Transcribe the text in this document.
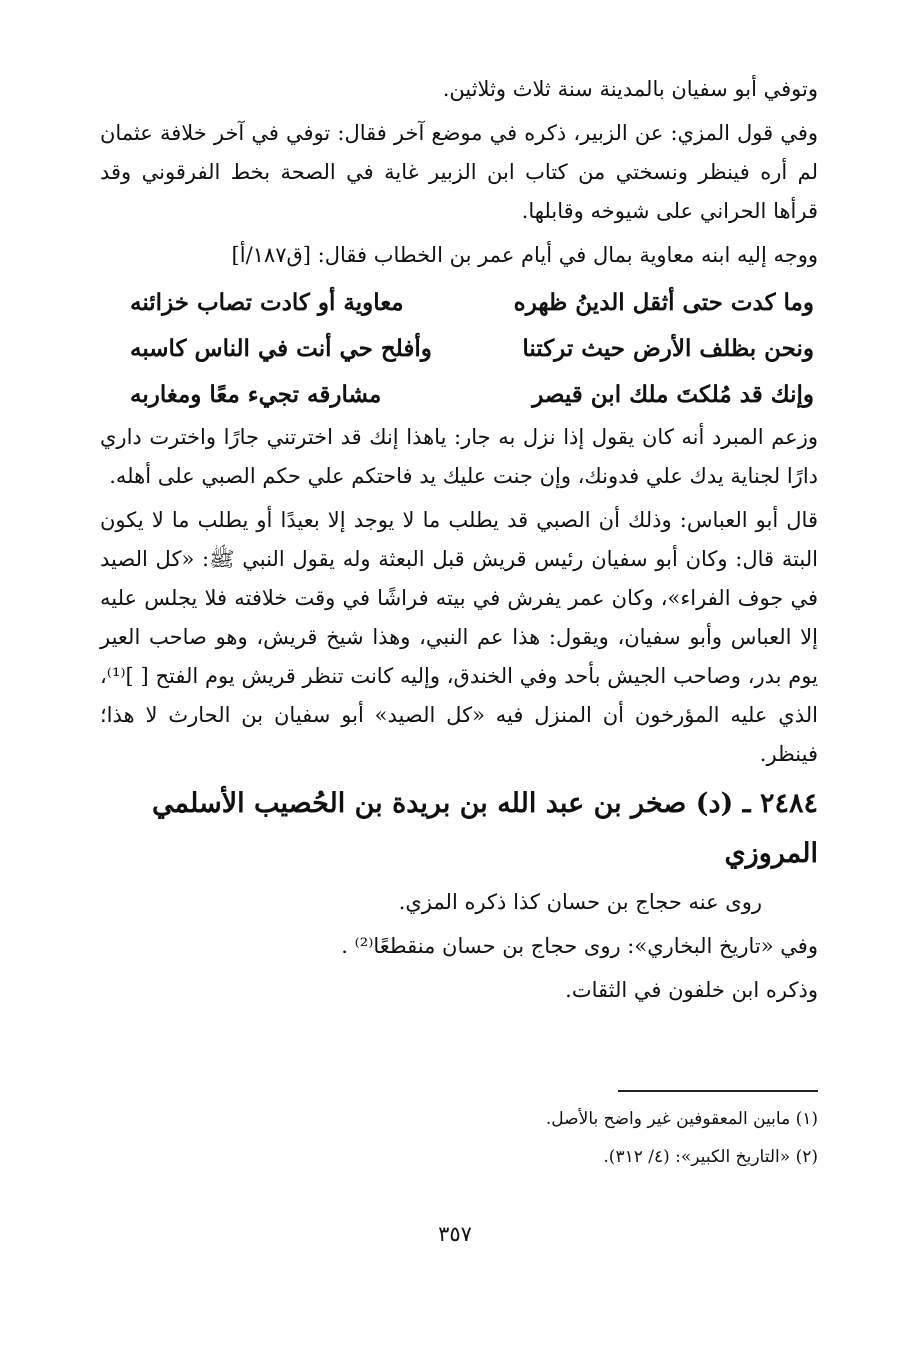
وتوفي أبو سفيان بالمدينة سنة ثلاث وثلاثين.

وفي قول المزي: عن الزبير، ذكره في موضع آخر فقال: توفي في آخر خلافة عثمان لم أره فينظر ونسختي من كتاب ابن الزبير غاية في الصحة بخط الفرقوني وقد قرأها الحراني على شيوخه وقابلها.

ووجه إليه ابنه معاوية بمال في أيام عمر بن الخطاب فقال: [ق١٨٧/أ]

وما كدت حتى أثقل الدينُ ظهره
معاوية أو كادت تصاب خزائنه
ونحن بظلف الأرض حيث تركتنا
وأفلح حي أنت في الناس كاسبه
وإنك قد مُلكتَ ملك ابن قيصر
مشارقه تجيء معًا ومغاربه

وزعم المبرد أنه كان يقول إذا نزل به جار: ياهذا إنك قد اخترتني جارًا واخترت داري دارًا لجناية يدك علي فدونك، وإن جنت عليك يد فاحتكم علي حكم الصبي على أهله.

قال أبو العباس: وذلك أن الصبي قد يطلب ما لا يوجد إلا بعيدًا أو يطلب ما لا يكون البتة قال: وكان أبو سفيان رئيس قريش قبل البعثة وله يقول النبي ﷺ: «كل الصيد في جوف الفراء»، وكان عمر يفرش في بيته فراشًا في وقت خلافته فلا يجلس عليه إلا العباس وأبو سفيان، ويقول: هذا عم النبي، وهذا شيخ قريش، وهو صاحب العير يوم بدر، وصاحب الجيش بأحد وفي الخندق، وإليه كانت تنظر قريش يوم الفتح [ ]⁽¹⁾، الذي عليه المؤرخون أن المنزل فيه «كل الصيد» أبو سفيان بن الحارث لا هذا؛ فينظر.

٢٤٨٤ ـ (د) صخر بن عبد الله بن بريدة بن الحُصيب الأسلمي المروزي

روى عنه حجاج بن حسان كذا ذكره المزي.

وفي «تاريخ البخاري»: روى حجاج بن حسان منقطعًا⁽²⁾ .

وذكره ابن خلفون في الثقات.

(١) مابين المعقوفين غير واضح بالأصل.

(٢) «التاريخ الكبير»: (٤/ ٣١٢).

٣٥٧
